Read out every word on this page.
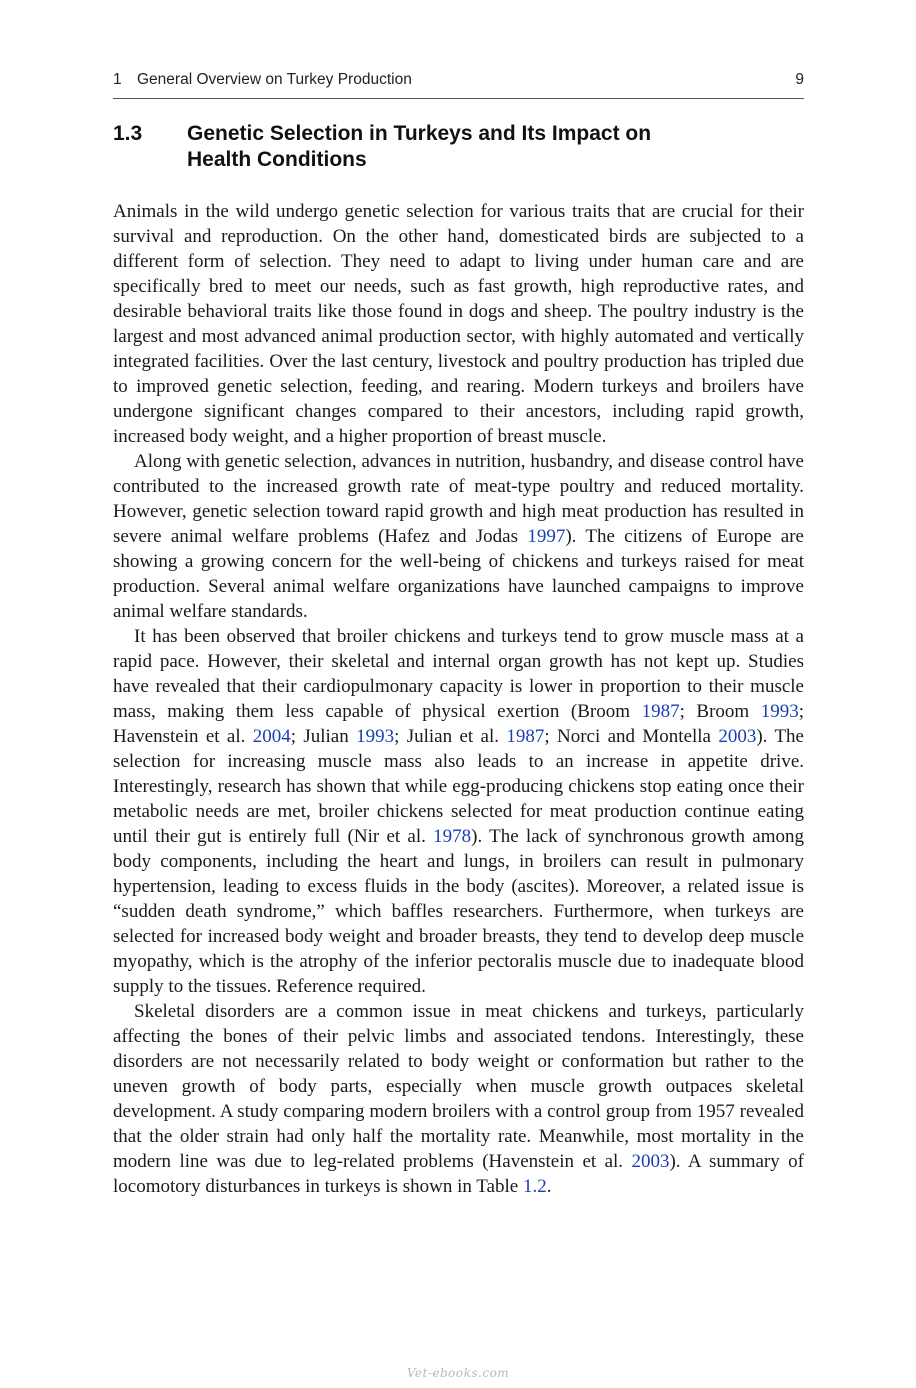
1 General Overview on Turkey Production	9
1.3 Genetic Selection in Turkeys and Its Impact on Health Conditions

Animals in the wild undergo genetic selection for various traits that are crucial for their survival and reproduction. On the other hand, domesticated birds are subjected to a different form of selection. They need to adapt to living under human care and are specifically bred to meet our needs, such as fast growth, high reproductive rates, and desirable behavioral traits like those found in dogs and sheep. The poultry industry is the largest and most advanced animal production sector, with highly automated and vertically integrated facilities. Over the last century, livestock and poultry production has tripled due to improved genetic selection, feeding, and rearing. Modern turkeys and broilers have undergone significant changes compared to their ancestors, including rapid growth, increased body weight, and a higher proportion of breast muscle.

Along with genetic selection, advances in nutrition, husbandry, and disease control have contributed to the increased growth rate of meat-type poultry and reduced mortality. However, genetic selection toward rapid growth and high meat production has resulted in severe animal welfare problems (Hafez and Jodas 1997). The citizens of Europe are showing a growing concern for the well-being of chickens and turkeys raised for meat production. Several animal welfare organizations have launched campaigns to improve animal welfare standards.

It has been observed that broiler chickens and turkeys tend to grow muscle mass at a rapid pace. However, their skeletal and internal organ growth has not kept up. Studies have revealed that their cardiopulmonary capacity is lower in proportion to their muscle mass, making them less capable of physical exertion (Broom 1987; Broom 1993; Havenstein et al. 2004; Julian 1993; Julian et al. 1987; Norci and Montella 2003). The selection for increasing muscle mass also leads to an increase in appetite drive. Interestingly, research has shown that while egg-producing chickens stop eating once their metabolic needs are met, broiler chickens selected for meat production continue eating until their gut is entirely full (Nir et al. 1978). The lack of synchronous growth among body components, including the heart and lungs, in broilers can result in pulmonary hypertension, leading to excess fluids in the body (ascites). Moreover, a related issue is “sudden death syndrome,” which baffles researchers. Furthermore, when turkeys are selected for increased body weight and broader breasts, they tend to develop deep muscle myopathy, which is the atrophy of the inferior pectoralis muscle due to inadequate blood supply to the tissues. Reference required.

Skeletal disorders are a common issue in meat chickens and turkeys, particularly affecting the bones of their pelvic limbs and associated tendons. Interestingly, these disorders are not necessarily related to body weight or conformation but rather to the uneven growth of body parts, especially when muscle growth outpaces skeletal development. A study comparing modern broilers with a control group from 1957 revealed that the older strain had only half the mortality rate. Meanwhile, most mortality in the modern line was due to leg-related problems (Havenstein et al. 2003). A summary of locomotory disturbances in turkeys is shown in Table 1.2.

Vet-ebooks.com
